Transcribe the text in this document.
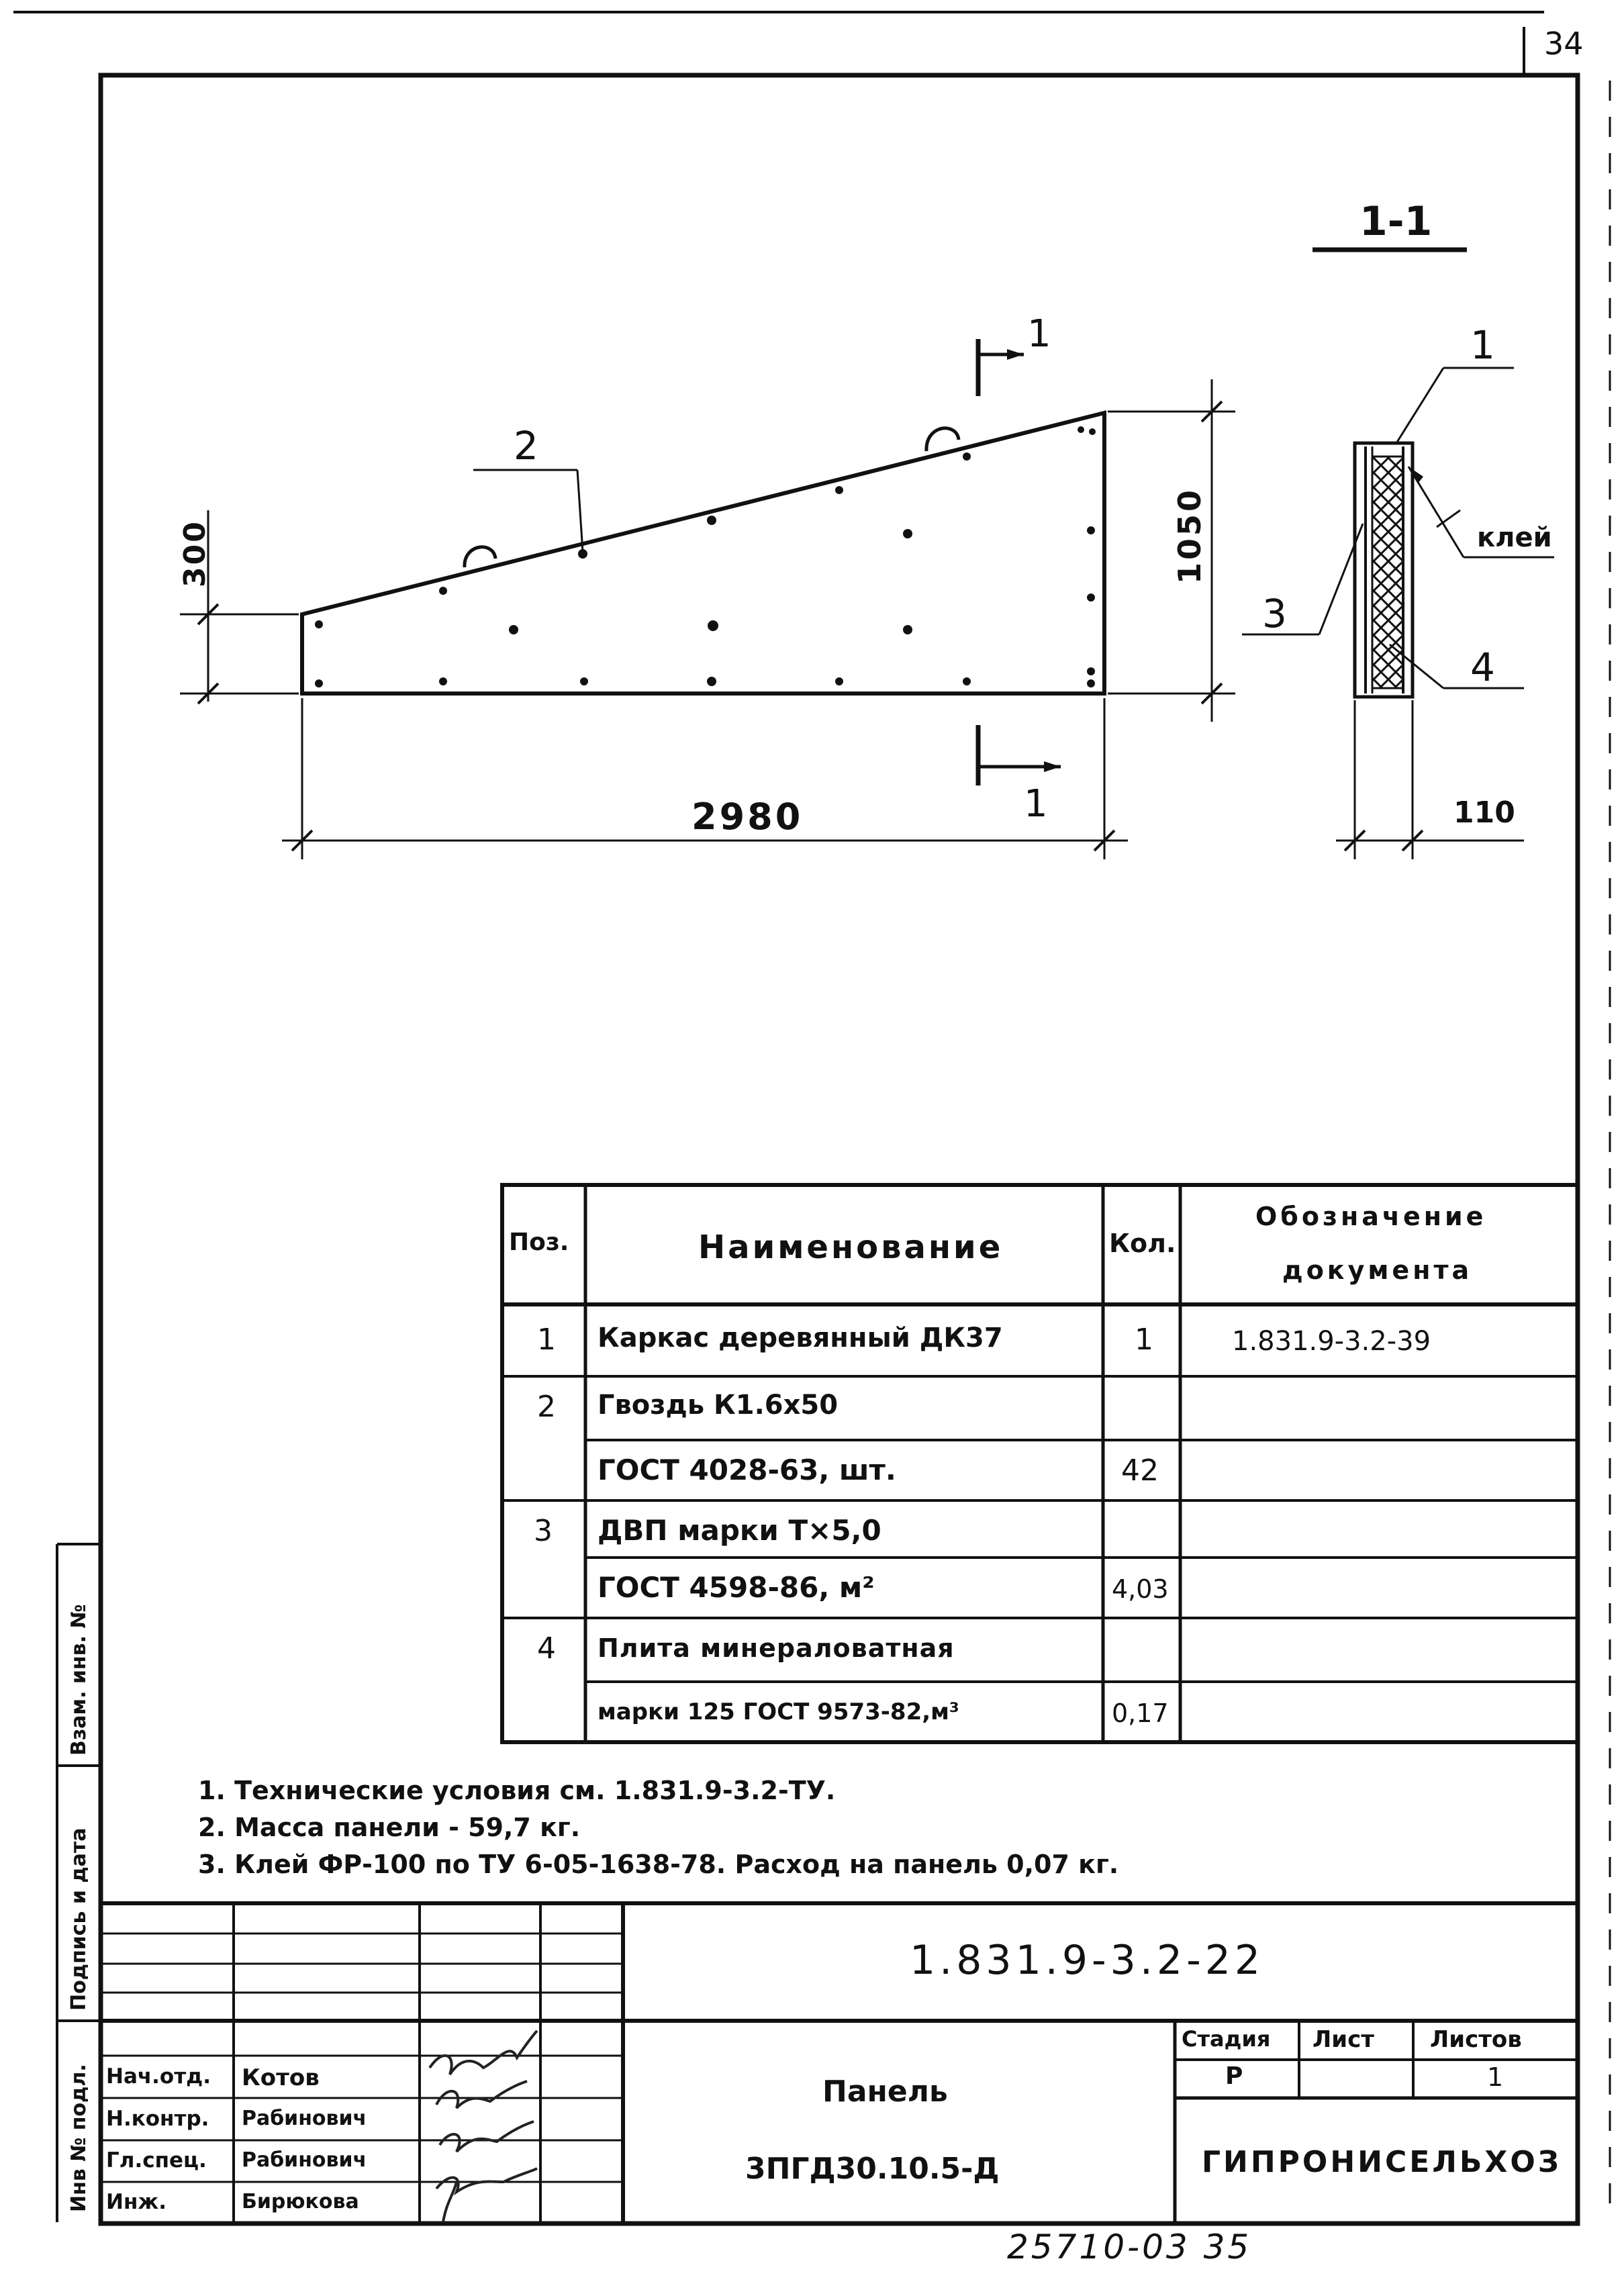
34
1-1
1
1
2980	110
1050
300	клей
1
2
3
4
Поз.	Наименование	Кол.
Обозначение
документа
1 Каркас деревянный ДК37	1	1.831.9-3.2-39
2 Гвоздь К1.6х50
ГОСТ 4028-63, шт.	42
3 ДВП марки Т×5,0
ГОСТ 4598-86, м²	4,03
4 Плита минераловатная
марки 125 ГОСТ 9573-82,м³	0,17
1. Технические условия см. 1.831.9-3.2-ТУ.
2. Масса панели - 59,7 кг.
3. Клей ФР-100 по ТУ 6-05-1638-78. Расход на панель 0,07 кг.
1.831.9-3.2-22
Панель
3ПГД30.10.5-Д
Стадия Лист Листов
Р	1
ГИПРОНИСЕЛЬХОЗ
Нач.отд. Котов
Н.контр. Рабинович
Гл.спец. Рабинович
Инж.	Бирюкова
Инв № подл.
Подпись и дата
Взам. инв. №
25710-03 35
